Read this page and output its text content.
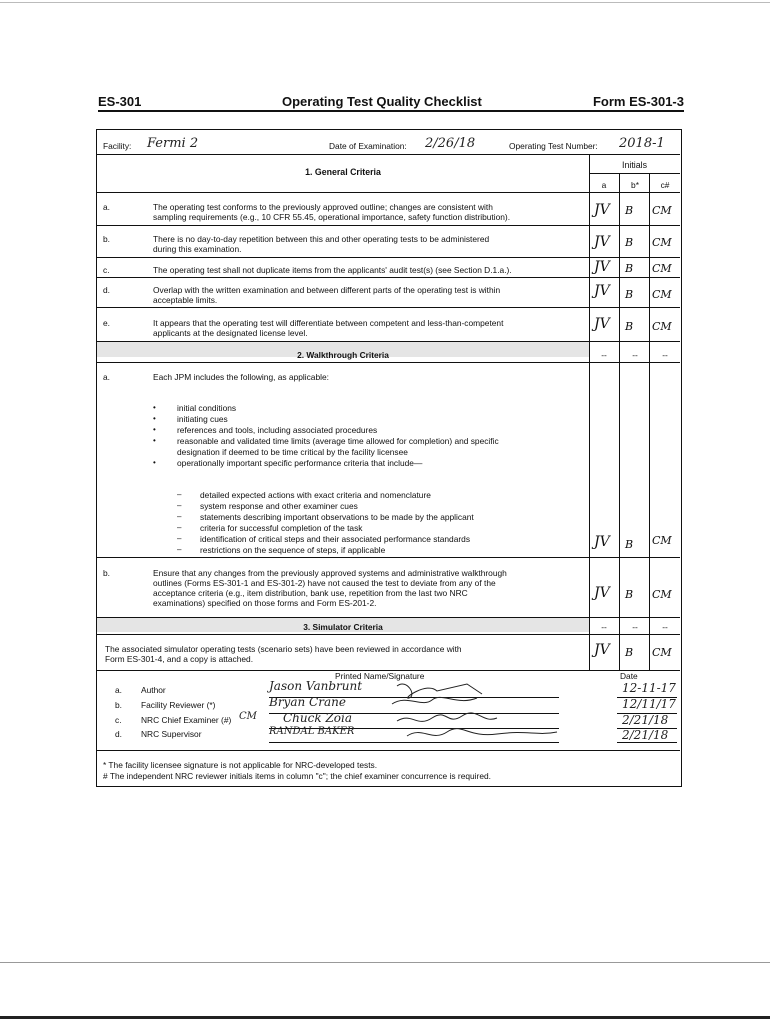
ES-301	Operating Test Quality Checklist	Form ES-301-3
Facility: Fermi 2	Date of Examination: 2/26/18	Operating Test Number: 2018-1
Initials
a	b*	c#
1. General Criteria
a.	The operating test conforms to the previously approved outline; changes are consistent with
sampling requirements (e.g., 10 CFR 55.45, operational importance, safety function distribution).	JV B CM
b.	There is no day-to-day repetition between this and other operating tests to be administered
during this examination.	JV B CM
c.	The operating test shall not duplicate items from the applicants' audit test(s) (see Section D.1.a.).	JV B CM
d.	Overlap with the written examination and between different parts of the operating test is within
acceptable limits.
JV B CM
e.	It appears that the operating test will differentiate between competent and less-than-competent
applicants at the designated license level.
JV B CM
2. Walkthrough Criteria	--	--	--
a.	Each JPM includes the following, as applicable:
•	initial conditions
•	initiating cues
•	references and tools, including associated procedures
•	reasonable and validated time limits (average time allowed for completion) and specific
designation if deemed to be time critical by the facility licensee
•	operationally important specific performance criteria that include—
– detailed expected actions with exact criteria and nomenclature
– system response and other examiner cues
– statements describing important observations to be made by the applicant
– criteria for successful completion of the task
– identification of critical steps and their associated performance standards
– restrictions on the sequence of steps, if applicable	JV B CM
b.	Ensure that any changes from the previously approved systems and administrative walkthrough
outlines (Forms ES-301-1 and ES-301-2) have not caused the test to deviate from any of the
acceptance criteria (e.g., item distribution, bank use, repetition from the last two NRC
examinations) specified on those forms and Form ES-201-2.
JV B CM
3. Simulator Criteria	--	--	--
The associated simulator operating tests (scenario sets) have been reviewed in accordance with
Form ES-301-4, and a copy is attached.
JV B CM
Printed Name/Signature	Date
a. Author	Jason Vanbrunt	12-11-17
b. Facility Reviewer (*)	Bryan Crane	12/11/17
c. NRC Chief Examiner (#) CM Chuck Zoia	2/21/18
d. NRC Supervisor	RANDAL BAKER	2/21/18
* The facility licensee signature is not applicable for NRC-developed tests.
# The independent NRC reviewer initials items in column "c"; the chief examiner concurrence is required.
